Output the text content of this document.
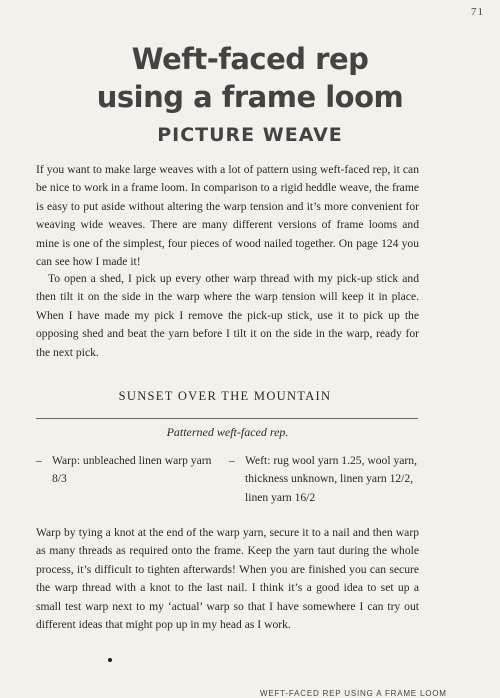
71
Weft-faced rep using a frame loom
PICTURE WEAVE

If you want to make large weaves with a lot of pattern using weft-faced rep, it can be nice to work in a frame loom. In comparison to a rigid heddle weave, the frame is easy to put aside without altering the warp tension and it’s more convenient for weaving wide weaves. There are many different versions of frame looms and mine is one of the simplest, four pieces of wood nailed together. On page 124 you can see how I made it!

To open a shed, I pick up every other warp thread with my pick-up stick and then tilt it on the side in the warp where the warp tension will keep it in place. When I have made my pick I remove the pick-up stick, use it to pick up the opposing shed and beat the yarn before I tilt it on the side in the warp, ready for the next pick.

SUNSET OVER THE MOUNTAIN
Patterned weft-faced rep.
– Warp: unbleached linen warp yarn 8/3
– Weft: rug wool yarn 1.25, wool yarn, thickness unknown, linen yarn 12/2, linen yarn 16/2

Warp by tying a knot at the end of the warp yarn, secure it to a nail and then warp as many threads as required onto the frame. Keep the yarn taut during the whole process, it’s difficult to tighten afterwards! When you are finished you can secure the warp thread with a knot to the last nail. I think it’s a good idea to set up a small test warp next to my ‘actual’ warp so that I have somewhere I can try out different ideas that might pop up in my head as I work.

WEFT-FACED REP USING A FRAME LOOM
